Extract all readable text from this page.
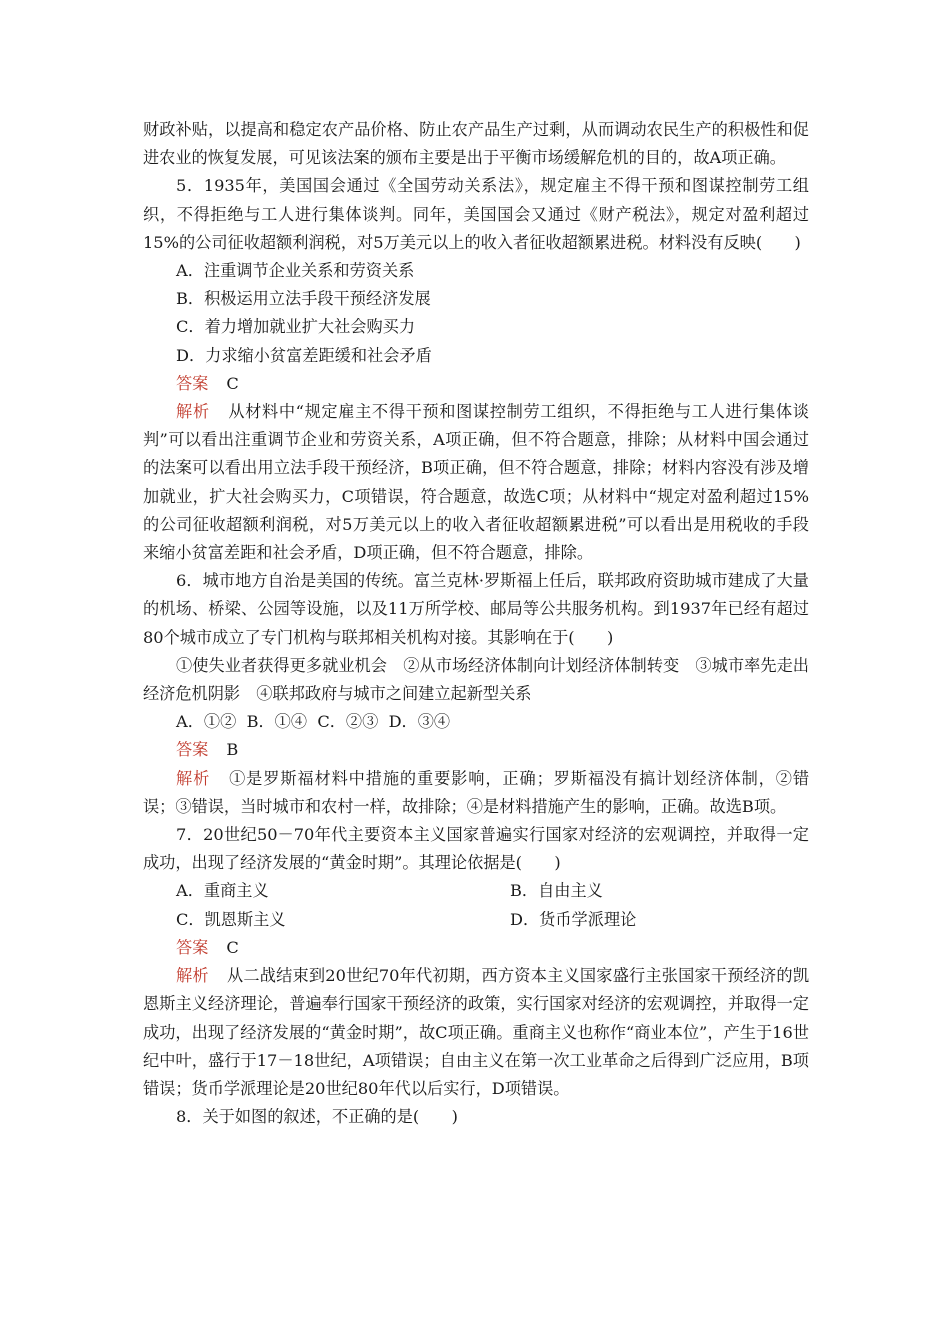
财政补贴，以提高和稳定农产品价格、防止农产品生产过剩，从而调动农民生产的积极性和促进农业的恢复发展，可见该法案的颁布主要是出于平衡市场缓解危机的目的，故A项正确。

5．1935年，美国国会通过《全国劳动关系法》，规定雇主不得干预和图谋控制劳工组织，不得拒绝与工人进行集体谈判。同年，美国国会又通过《财产税法》，规定对盈利超过15%的公司征收超额利润税，对5万美元以上的收入者征收超额累进税。材料没有反映(　　)

A．注重调节企业关系和劳资关系

B．积极运用立法手段干预经济发展

C．着力增加就业扩大社会购买力

D．力求缩小贫富差距缓和社会矛盾

答案 C

解析 从材料中“规定雇主不得干预和图谋控制劳工组织，不得拒绝与工人进行集体谈判”可以看出注重调节企业和劳资关系，A项正确，但不符合题意，排除；从材料中国会通过的法案可以看出用立法手段干预经济，B项正确，但不符合题意，排除；材料内容没有涉及增加就业，扩大社会购买力，C项错误，符合题意，故选C项；从材料中“规定对盈利超过15%的公司征收超额利润税，对5万美元以上的收入者征收超额累进税”可以看出是用税收的手段来缩小贫富差距和社会矛盾，D项正确，但不符合题意，排除。

6．城市地方自治是美国的传统。富兰克林·罗斯福上任后，联邦政府资助城市建成了大量的机场、桥梁、公园等设施，以及11万所学校、邮局等公共服务机构。到1937年已经有超过80个城市成立了专门机构与联邦相关机构对接。其影响在于(　　)

①使失业者获得更多就业机会　②从市场经济体制向计划经济体制转变　③城市率先走出经济危机阴影　④联邦政府与城市之间建立起新型关系

A．①② B．①④ C．②③ D．③④

答案 B

解析 ①是罗斯福材料中措施的重要影响，正确；罗斯福没有搞计划经济体制，②错误；③错误，当时城市和农村一样，故排除；④是材料措施产生的影响，正确。故选B项。

7．20世纪50－70年代主要资本主义国家普遍实行国家对经济的宏观调控，并取得一定成功，出现了经济发展的“黄金时期”。其理论依据是(　　)

A．重商主义	B．自由主义
C．凯恩斯主义	D．货币学派理论

答案 C

解析 从二战结束到20世纪70年代初期，西方资本主义国家盛行主张国家干预经济的凯恩斯主义经济理论，普遍奉行国家干预经济的政策，实行国家对经济的宏观调控，并取得一定成功，出现了经济发展的“黄金时期”，故C项正确。重商主义也称作“商业本位”，产生于16世纪中叶，盛行于17－18世纪，A项错误；自由主义在第一次工业革命之后得到广泛应用，B项错误；货币学派理论是20世纪80年代以后实行，D项错误。

8．关于如图的叙述，不正确的是(　　)
